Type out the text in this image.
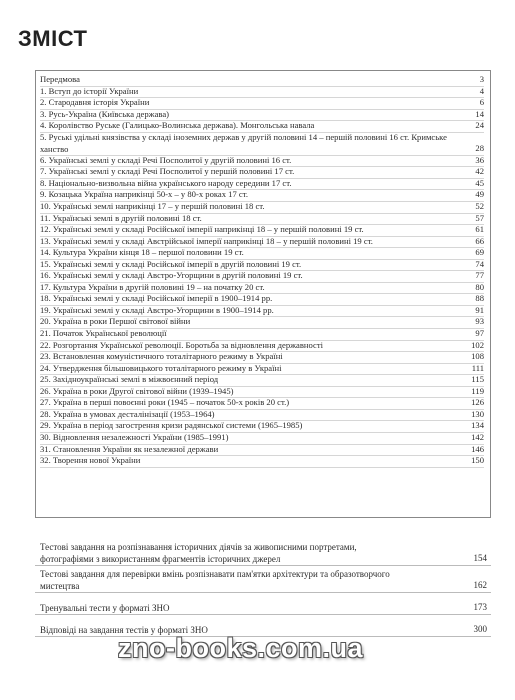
ЗМІСТ
Передмова	3
1. Вступ до історії України	4
2. Стародавня історія України	6
3. Русь-Україна (Київська держава)	14
4. Королівство Руське (Галицько-Волинська держава). Монгольська навала	24
5. Руські удільні князівства у складі іноземних держав у другій половині 14 – першій половині 16 ст. Кримське ханство	28
6. Українські землі у складі Речі Посполитої у другій половині 16 ст.	36
7. Українські землі у складі Речі Посполитої у першій половині 17 ст.	42
8. Національно-визвольна війна українського народу середини 17 ст.	45
9. Козацька Україна наприкінці 50-х – у 80-х роках 17 ст.	49
10. Українські землі наприкінці 17 – у першій половині 18 ст.	52
11. Українські землі в другій половині 18 ст.	57
12. Українські землі у складі Російської імперії наприкінці 18 – у першій половині 19 ст.	61
13. Українські землі у складі Австрійської імперії наприкінці 18 – у першій половині 19 ст.	66
14. Культура України кінця 18 – першої половини 19 ст.	69
15. Українські землі у складі Російської імперії в другій половині 19 ст.	74
16. Українські землі у складі Австро-Угорщини в другій половині 19 ст.	77
17. Культура України в другій половині 19 – на початку 20 ст.	80
18. Українські землі у складі Російської імперії в 1900–1914 рр.	88
19. Українські землі у складі Австро-Угорщини в 1900–1914 рр.	91
20. Україна в роки Першої світової війни	93
21. Початок Української революції	97
22. Розгортання Української революції. Боротьба за відновлення державності	102
23. Встановлення комуністичного тоталітарного режиму в Україні	108
24. Утвердження більшовицького тоталітарного режиму в Україні	111
25. Західноукраїнські землі в міжвоєнний період	115
26. Україна в роки Другої світової війни (1939–1945)	119
27. Україна в перші повоєнні роки (1945 – початок 50-х років 20 ст.)	126
28. Україна в умовах десталінізації (1953–1964)	130
29. Україна в період загострення кризи радянської системи (1965–1985)	134
30. Відновлення незалежності України (1985–1991)	142
31. Становлення України як незалежної держави	146
32. Творення нової України	150
Тестові завдання на розпізнавання історичних діячів за живописними портретами, фотографіями з використанням фрагментів історичних джерел	154
Тестові завдання для перевірки вмінь розпізнавати пам'ятки архітектури та образотворчого мистецтва	162
Тренувальні тести у форматі ЗНО	173
Відповіді на завдання тестів у форматі ЗНО	300
zno-books.com.ua
